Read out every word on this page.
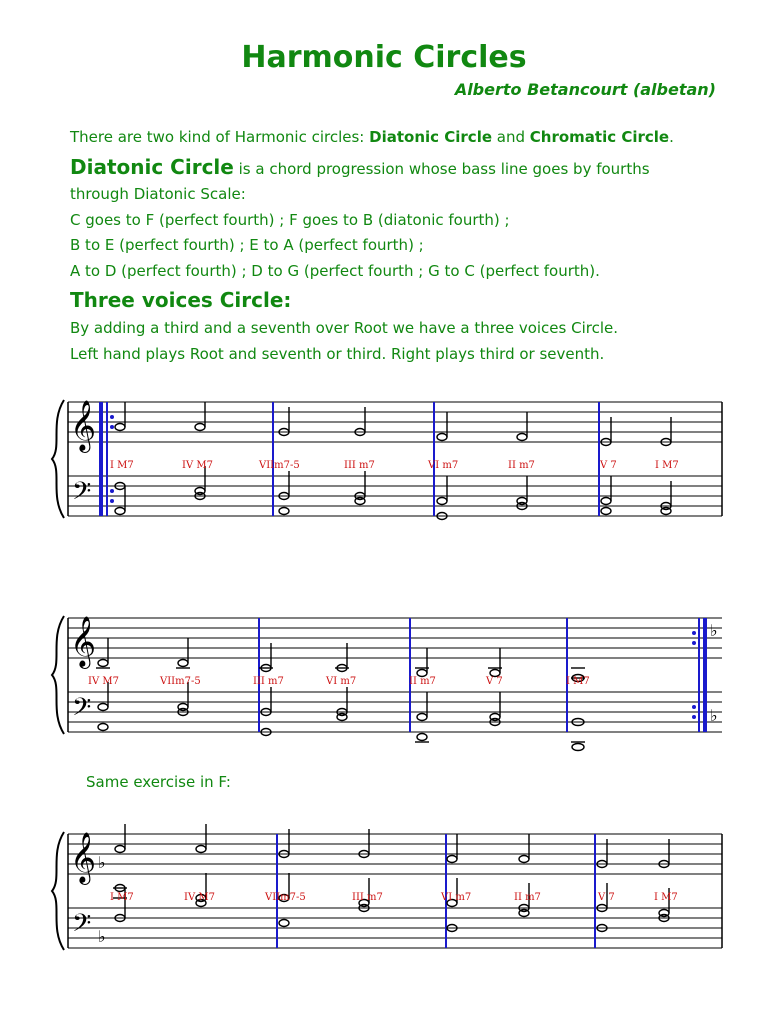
Harmonic Circles
Alberto Betancourt (albetan)
There are two kind of Harmonic circles: Diatonic Circle and Chromatic Circle.
Diatonic Circle is a chord progression whose bass line goes by fourths
through Diatonic Scale:
C goes to F (perfect fourth) ; F goes to B (diatonic fourth) ;
B to E (perfect fourth) ; E to A (perfect fourth) ;
A to D (perfect fourth) ; D to G (perfect fourth ; G to C (perfect fourth).
Three voices Circle:
By adding a third and a seventh over Root we have a three voices Circle.
Left hand plays Root and seventh or third. Right plays third or seventh.
Same exercise in F:
𝄞
𝄢
I M7	IV M7	VIIm7-5	III m7	VI m7	II m7	V 7	I M7
𝄞
𝄢
♭
♭
IV M7	VIIm7-5	III m7	VI m7	II m7	V 7	I M7
𝄞
𝄢
♭
♭
I M7	IV M7	VIIm7-5	III m7	VI m7	II m7	V 7	I M7
